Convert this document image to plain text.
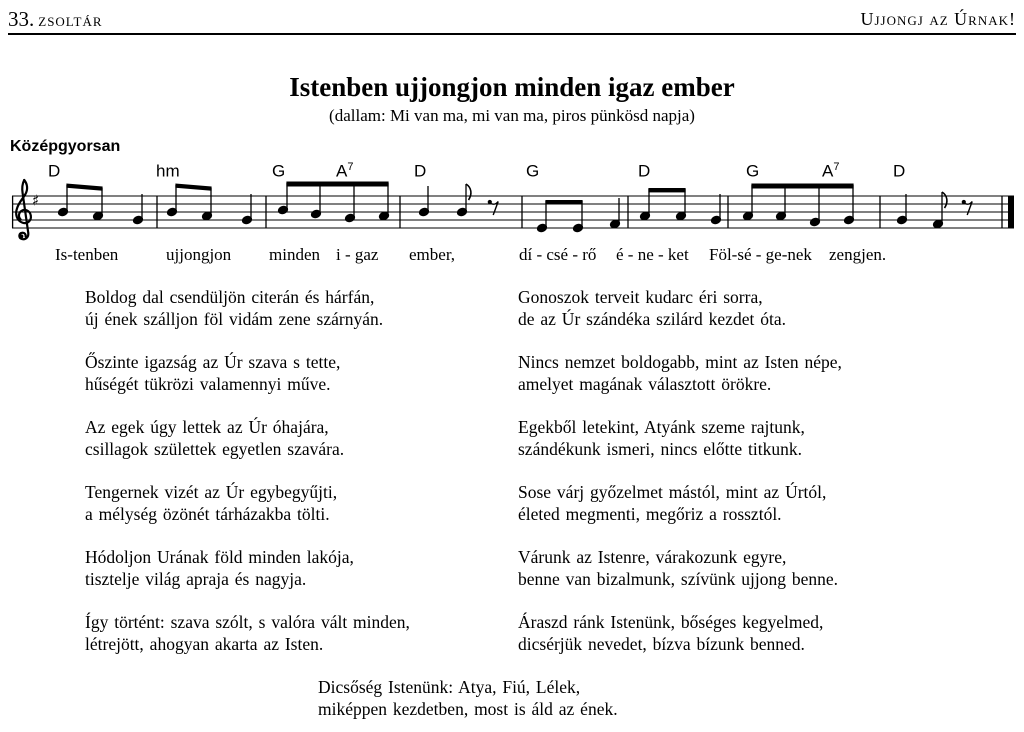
33. zsoltár	Ujjongj az Úrnak!
Istenben ujjongjon minden igaz ember
(dallam: Mi van ma, mi van ma, piros pünkösd napja)
Középgyorsan
D	hm	G	$A^7$	D	G	D	G	$A^7$	D
♯
Is-tenben	ujjongjon minden i - gaz ember,	dí - csé - rő é - ne - ket Föl-sé - ge-nek zengjen.
Boldog dal csendüljön citerán és hárfán,
új ének szálljon föl vidám zene szárnyán.
Gonoszok terveit kudarc éri sorra,
de az Úr szándéka szilárd kezdet óta.
Őszinte igazság az Úr szava s tette,
hűségét tükrözi valamennyi műve.
Nincs nemzet boldogabb, mint az Isten népe,
amelyet magának választott örökre.
Az egek úgy lettek az Úr óhajára,
csillagok születtek egyetlen szavára.
Egekből letekint, Atyánk szeme rajtunk,
szándékunk ismeri, nincs előtte titkunk.
Tengernek vizét az Úr egybegyűjti,
a mélység özönét tárházakba tölti.
Sose várj győzelmet mástól, mint az Úrtól,
életed megmenti, megőriz a rossztól.
Hódoljon Urának föld minden lakója,
tisztelje világ apraja és nagyja.
Várunk az Istenre, várakozunk egyre,
benne van bizalmunk, szívünk ujjong benne.
Így történt: szava szólt, s valóra vált minden,
létrejött, ahogyan akarta az Isten.
Áraszd ránk Istenünk, bőséges kegyelmed,
dicsérjük nevedet, bízva bízunk benned.
Dicsőség Istenünk: Atya, Fiú, Lélek,
miképpen kezdetben, most is áld az ének.
